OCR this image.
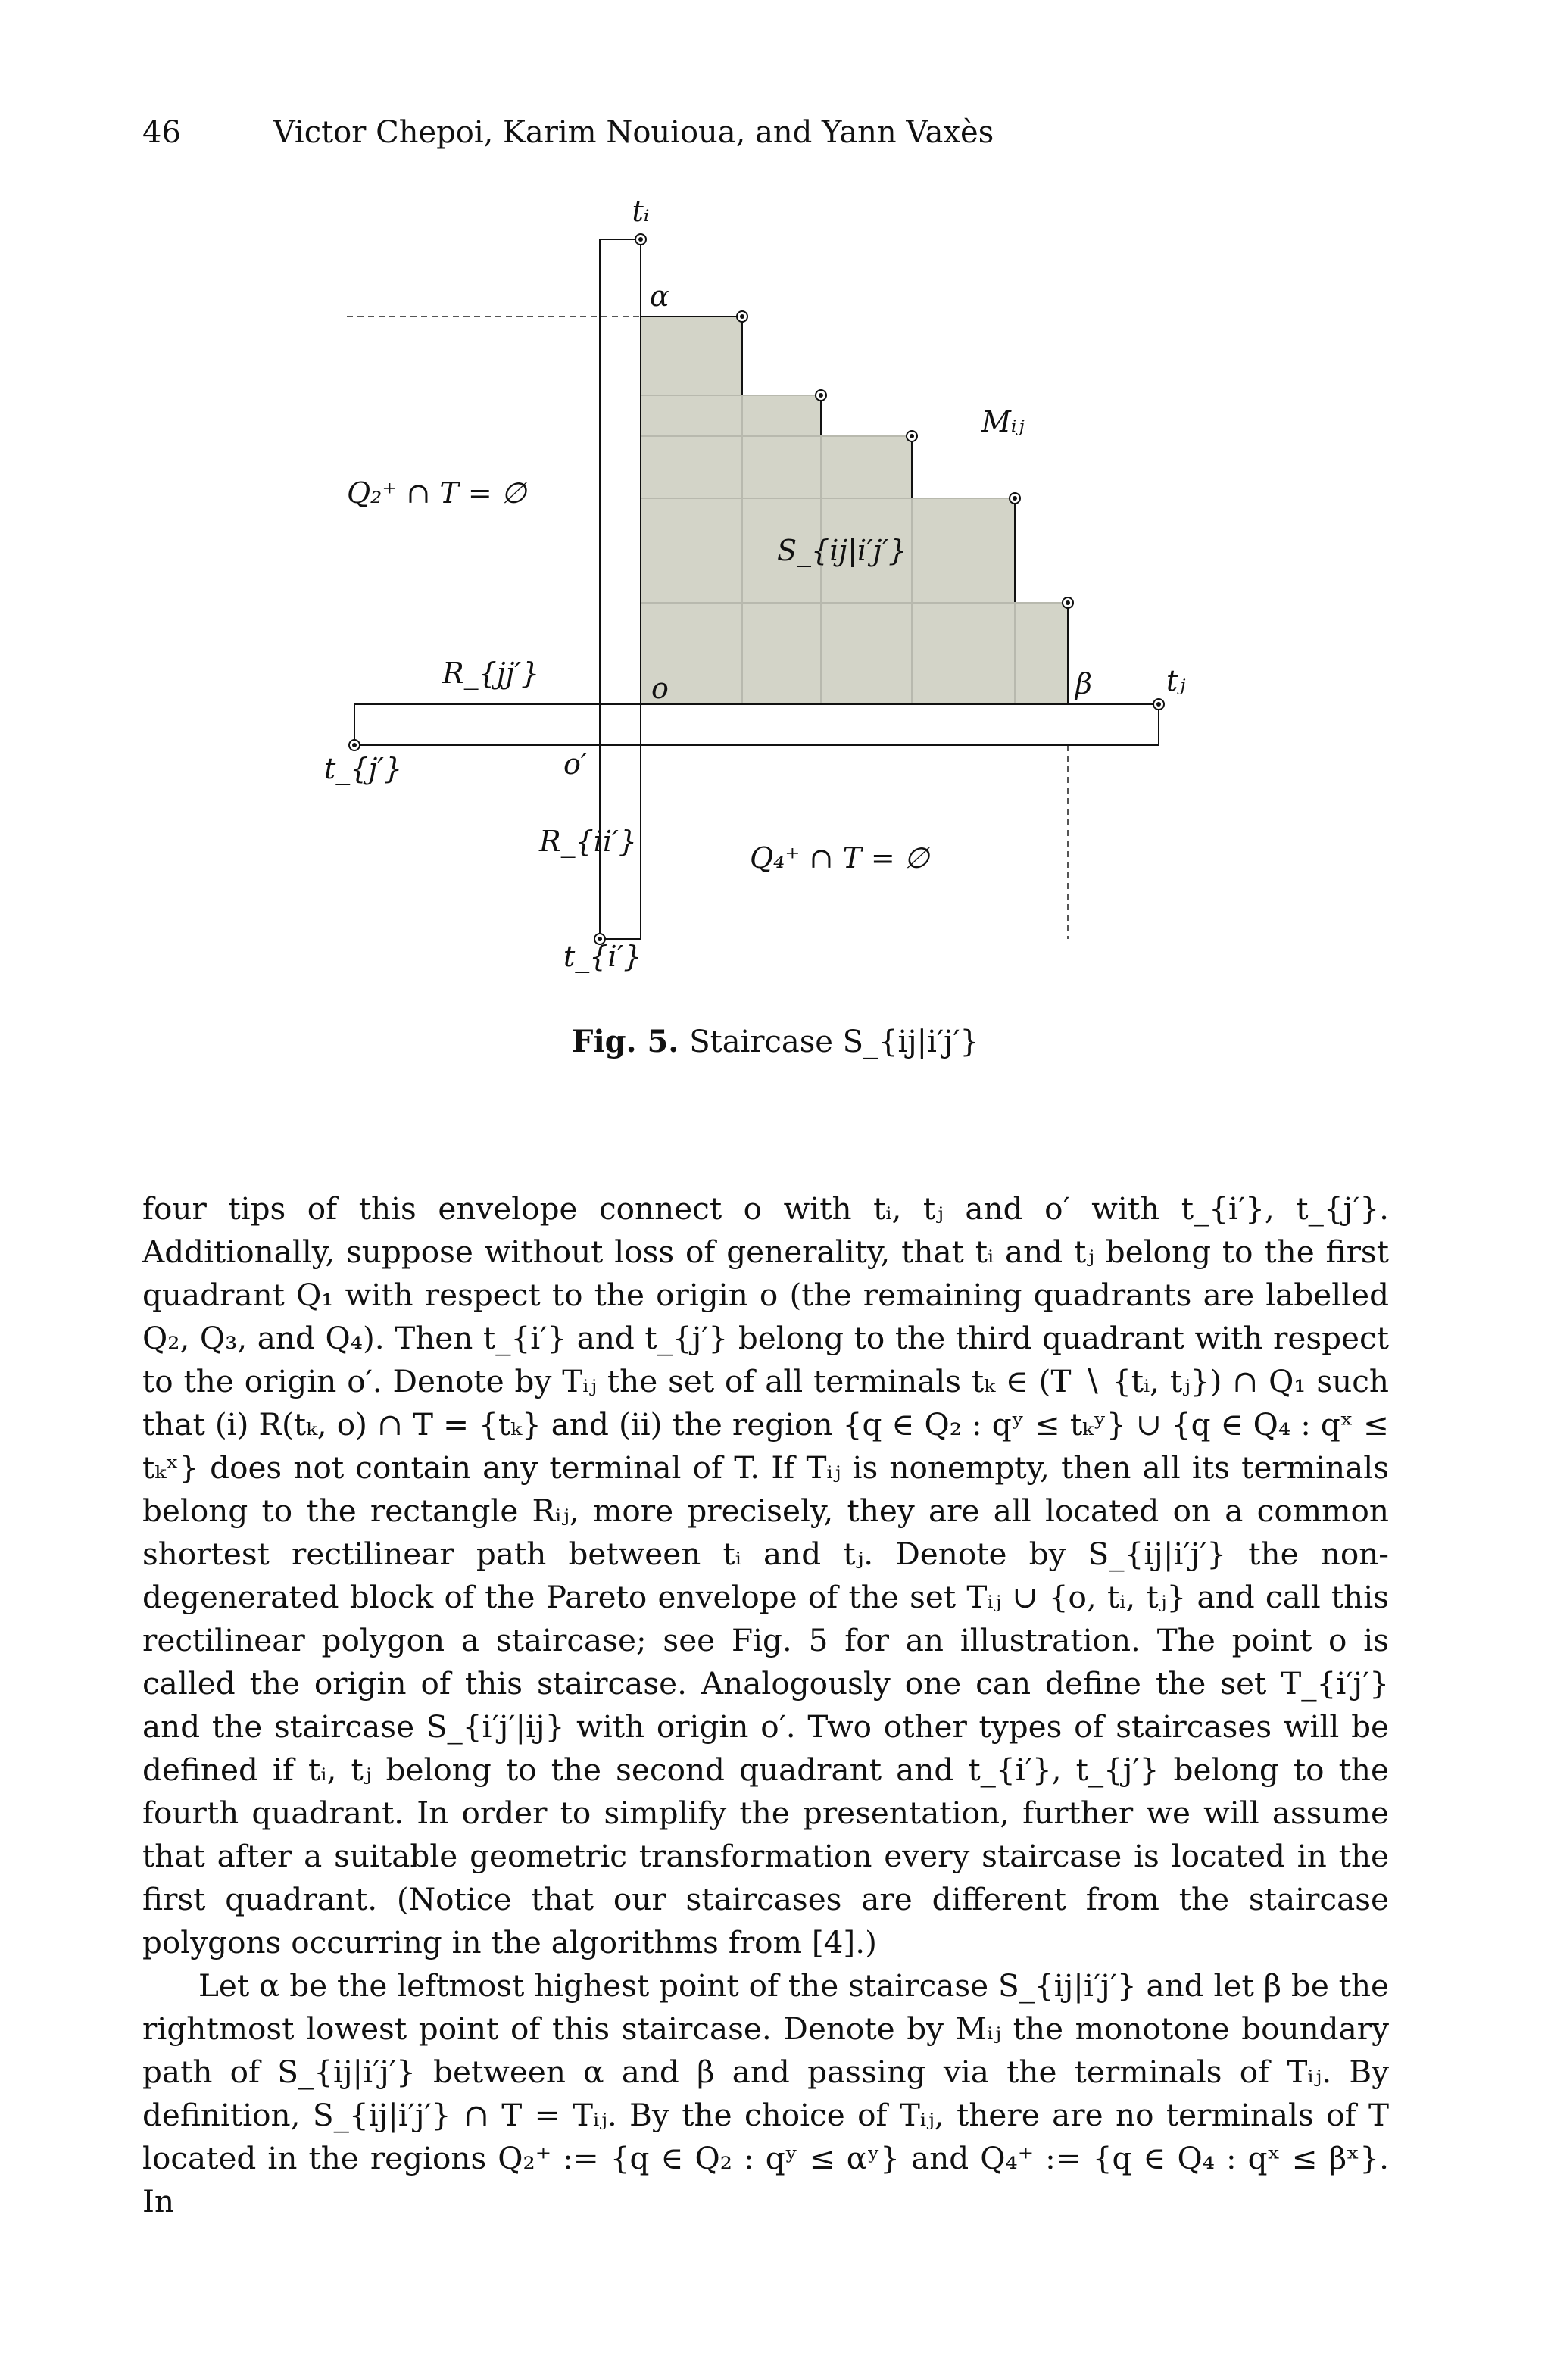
46	Victor Chepoi, Karim Nouioua, and Yann Vaxès
tᵢ
α
Mᵢⱼ
Q₂⁺ ∩ T = ∅
S_{ij|i′j′}
R_{jj′}	o	β	tⱼ
t_{j′}	o′
R_{ii′}	Q₄⁺ ∩ T = ∅
t_{i′}
Fig. 5. Staircase S_{ij|i′j′}

four tips of this envelope connect o with tᵢ, tⱼ and o′ with t_{i′}, t_{j′}. Additionally, suppose without loss of generality, that tᵢ and tⱼ belong to the first quadrant Q₁ with respect to the origin o (the remaining quadrants are labelled Q₂, Q₃, and Q₄). Then t_{i′} and t_{j′} belong to the third quadrant with respect to the origin o′. Denote by Tᵢⱼ the set of all terminals tₖ ∈ (T ∖ {tᵢ, tⱼ}) ∩ Q₁ such that (i) R(tₖ, o) ∩ T = {tₖ} and (ii) the region {q ∈ Q₂ : qʸ ≤ tₖʸ} ∪ {q ∈ Q₄ : qˣ ≤ tₖˣ} does not contain any terminal of T. If Tᵢⱼ is nonempty, then all its terminals belong to the rectangle Rᵢⱼ, more precisely, they are all located on a common shortest rectilinear path between tᵢ and tⱼ. Denote by S_{ij|i′j′} the non-degenerated block of the Pareto envelope of the set Tᵢⱼ ∪ {o, tᵢ, tⱼ} and call this rectilinear polygon a staircase; see Fig. 5 for an illustration. The point o is called the origin of this staircase. Analogously one can define the set T_{i′j′} and the staircase S_{i′j′|ij} with origin o′. Two other types of staircases will be defined if tᵢ, tⱼ belong to the second quadrant and t_{i′}, t_{j′} belong to the fourth quadrant. In order to simplify the presentation, further we will assume that after a suitable geometric transformation every staircase is located in the first quadrant. (Notice that our staircases are different from the staircase polygons occurring in the algorithms from [4].)

Let α be the leftmost highest point of the staircase S_{ij|i′j′} and let β be the rightmost lowest point of this staircase. Denote by Mᵢⱼ the monotone boundary path of S_{ij|i′j′} between α and β and passing via the terminals of Tᵢⱼ. By definition, S_{ij|i′j′} ∩ T = Tᵢⱼ. By the choice of Tᵢⱼ, there are no terminals of T located in the regions Q₂⁺ := {q ∈ Q₂ : qʸ ≤ αʸ} and Q₄⁺ := {q ∈ Q₄ : qˣ ≤ βˣ}. In
